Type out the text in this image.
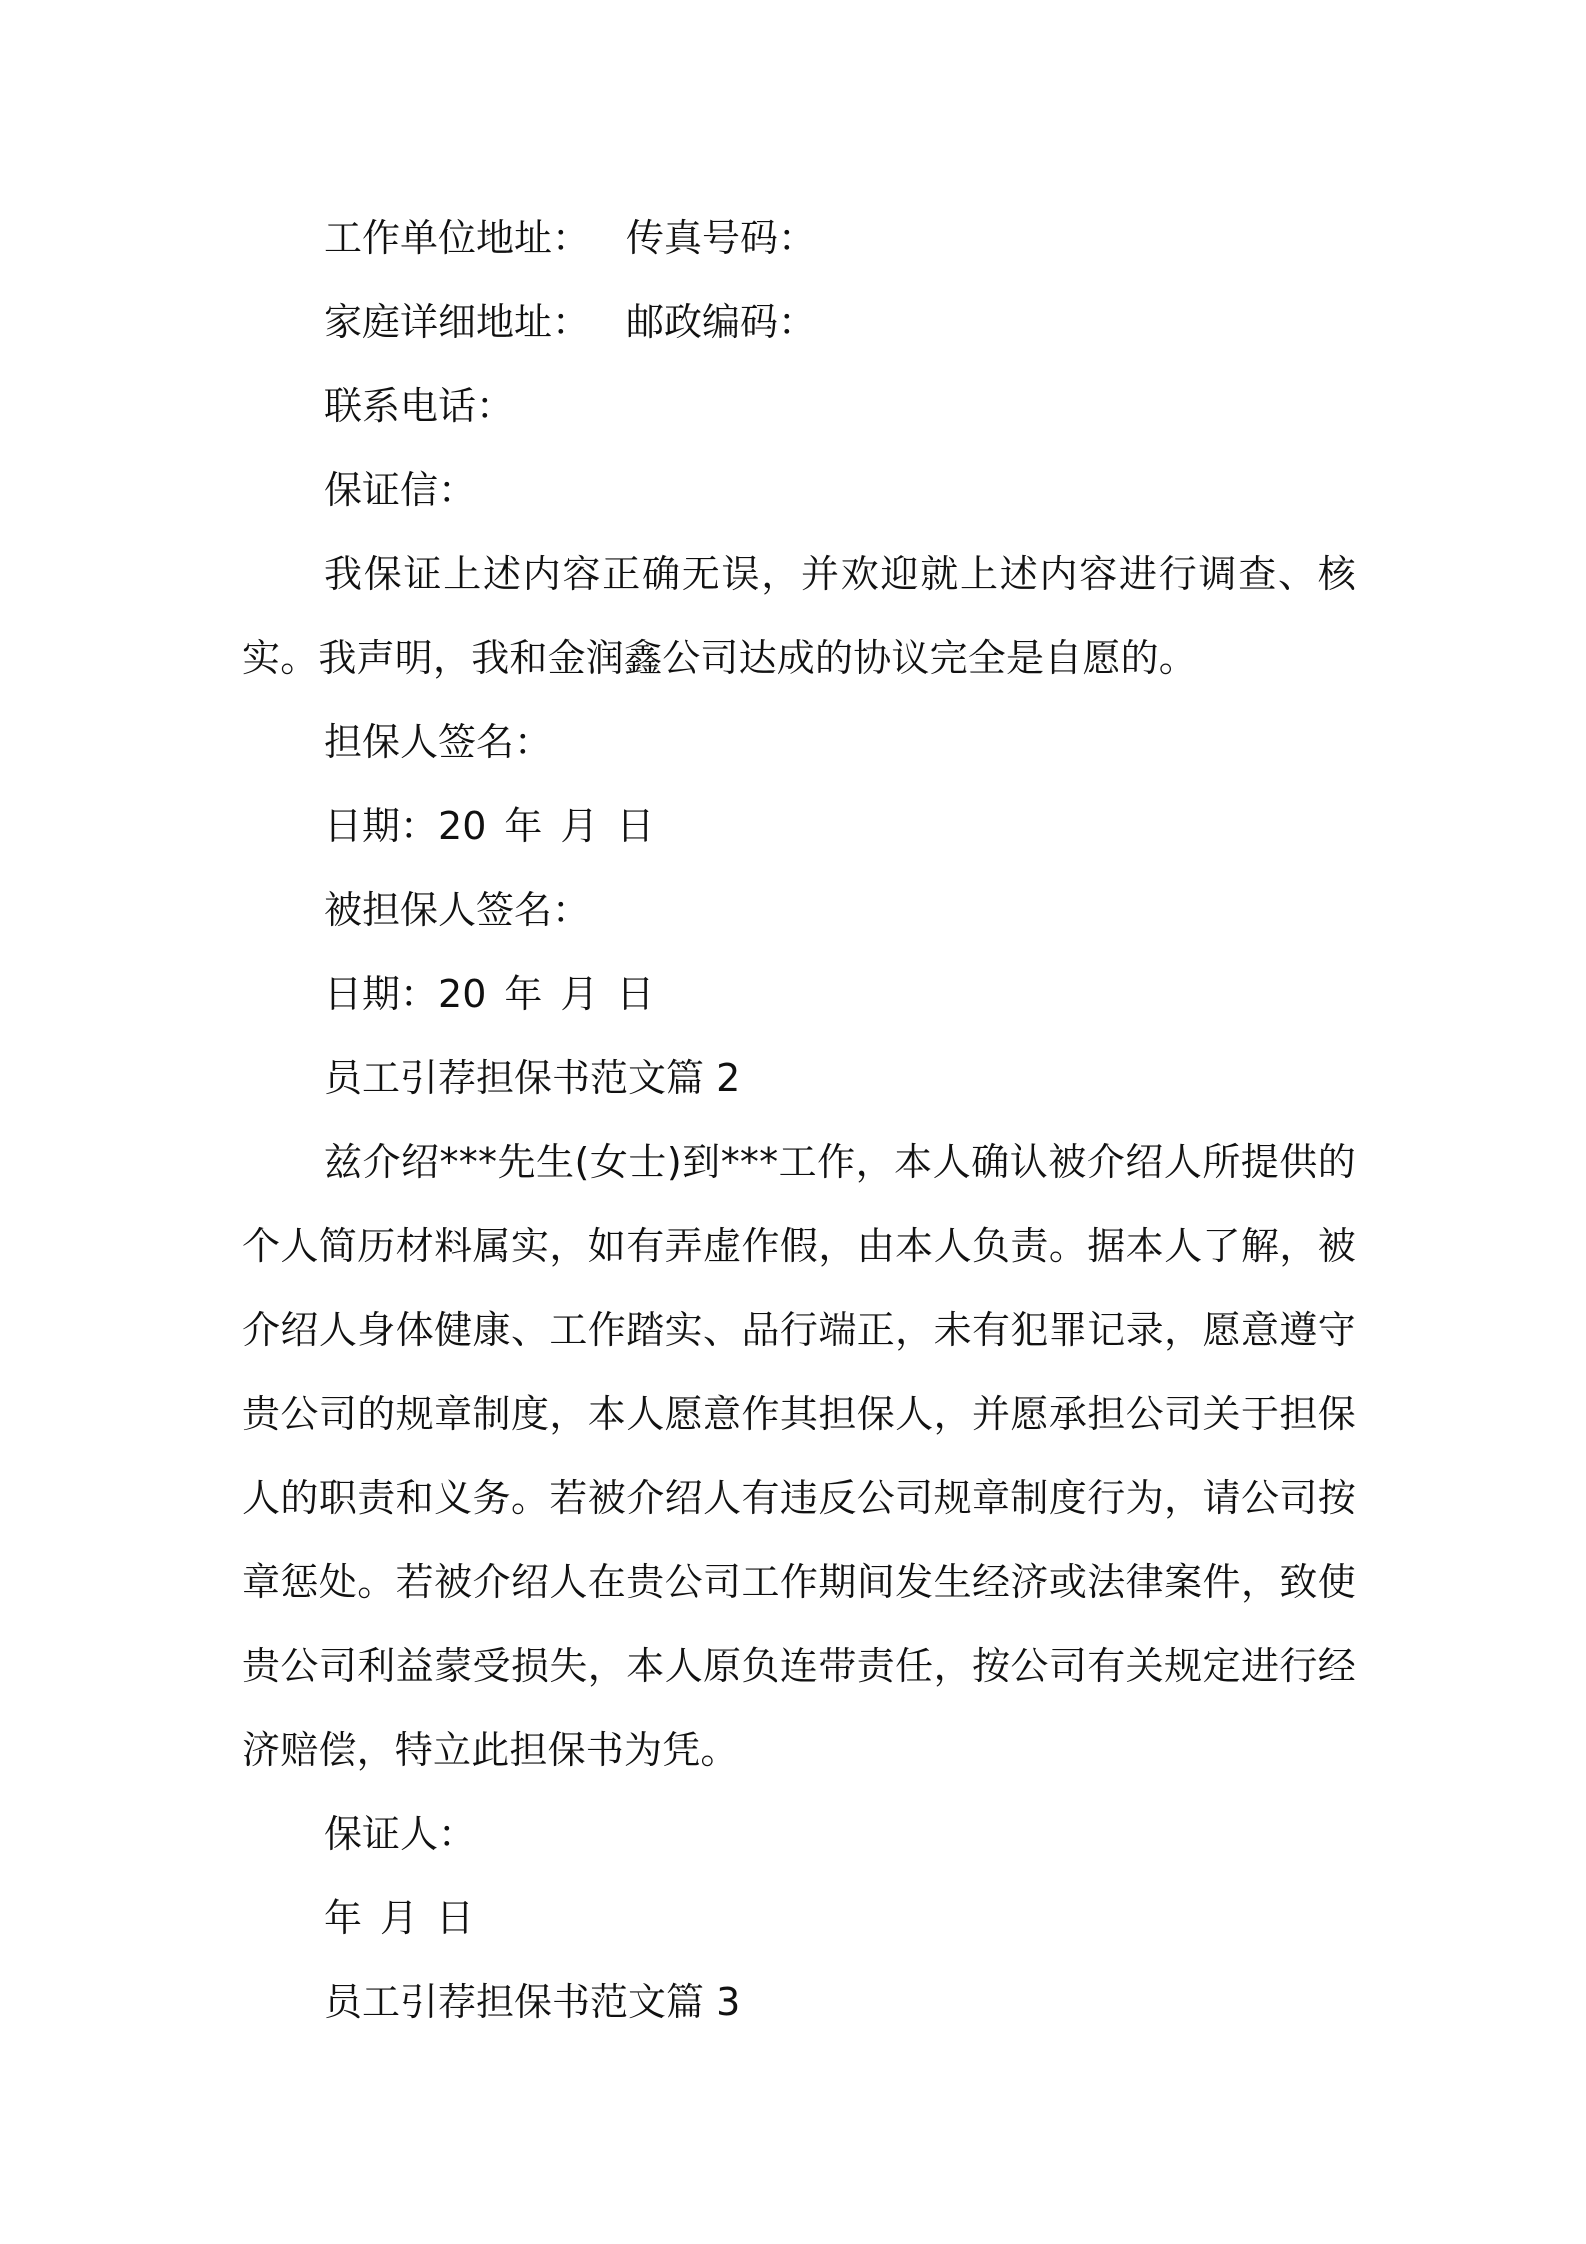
工作单位地址： 传真号码：

家庭详细地址： 邮政编码：

联系电话：

保证信：

我保证上述内容正确无误，并欢迎就上述内容进行调查、核实。我声明，我和金润鑫公司达成的协议完全是自愿的。

担保人签名：

日期：20 年 月 日

被担保人签名：

日期：20 年 月 日

员工引荐担保书范文篇 2

兹介绍***先生(女士)到***工作，本人确认被介绍人所提供的个人简历材料属实，如有弄虚作假，由本人负责。据本人了解，被介绍人身体健康、工作踏实、品行端正，未有犯罪记录，愿意遵守贵公司的规章制度，本人愿意作其担保人，并愿承担公司关于担保人的职责和义务。若被介绍人有违反公司规章制度行为，请公司按章惩处。若被介绍人在贵公司工作期间发生经济或法律案件，致使贵公司利益蒙受损失，本人原负连带责任，按公司有关规定进行经济赔偿，特立此担保书为凭。

保证人：

年 月 日

员工引荐担保书范文篇 3
